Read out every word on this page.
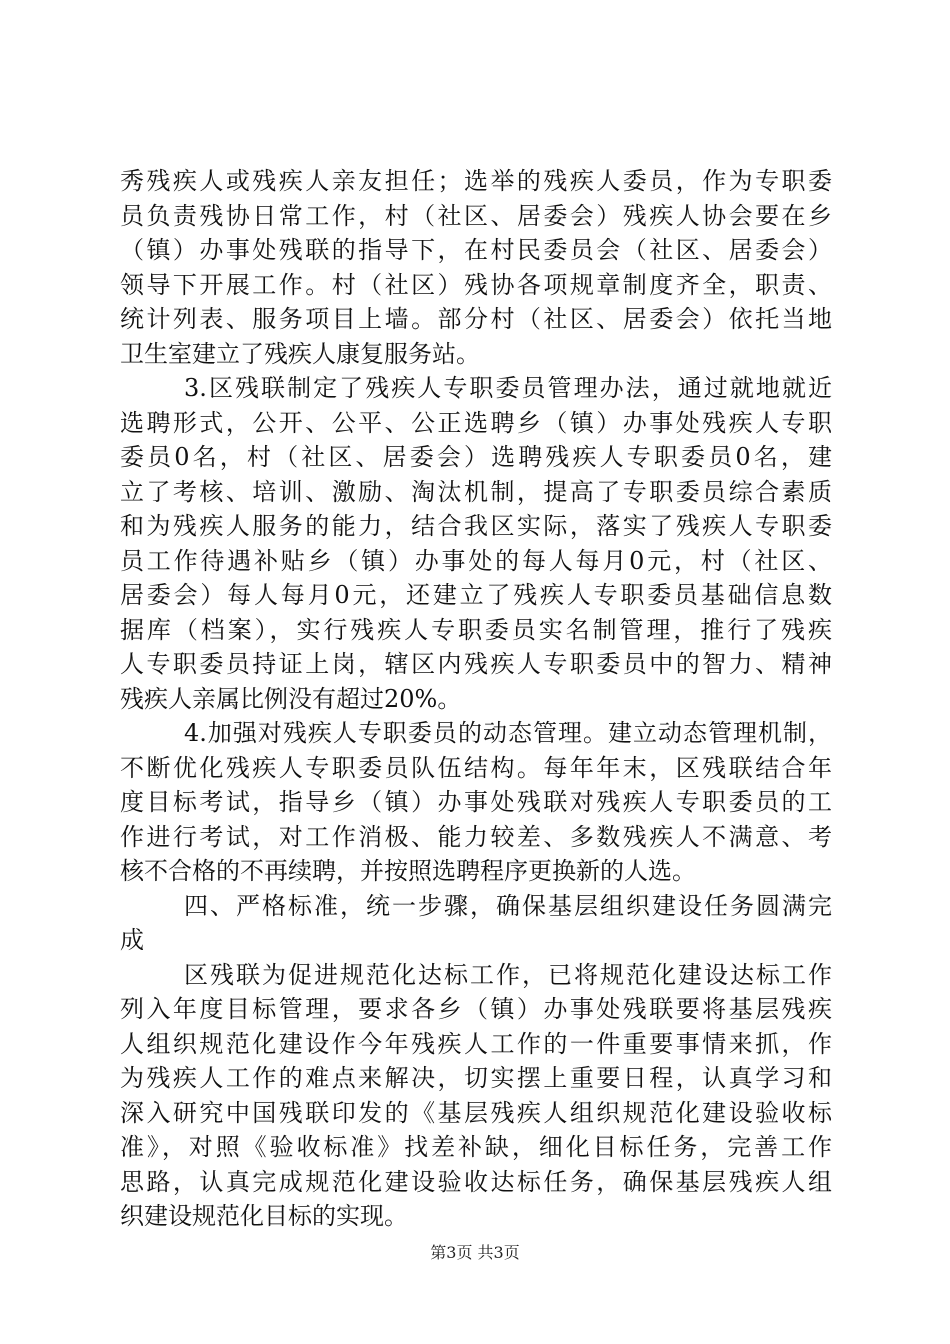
秀残疾人或残疾人亲友担任；选举的残疾人委员，作为专职委
员负责残协日常工作，村（社区、居委会）残疾人协会要在乡
（镇）办事处残联的指导下，在村民委员会（社区、居委会）
领导下开展工作。村（社区）残协各项规章制度齐全，职责、
统计列表、服务项目上墙。部分村（社区、居委会）依托当地
卫生室建立了残疾人康复服务站。
3.区残联制定了残疾人专职委员管理办法，通过就地就近
选聘形式，公开、公平、公正选聘乡（镇）办事处残疾人专职
委员0名，村（社区、居委会）选聘残疾人专职委员0名，建
立了考核、培训、激励、淘汰机制，提高了专职委员综合素质
和为残疾人服务的能力，结合我区实际，落实了残疾人专职委
员工作待遇补贴乡（镇）办事处的每人每月0元，村（社区、
居委会）每人每月0元，还建立了残疾人专职委员基础信息数
据库（档案），实行残疾人专职委员实名制管理，推行了残疾
人专职委员持证上岗，辖区内残疾人专职委员中的智力、精神
残疾人亲属比例没有超过20%。
4.加强对残疾人专职委员的动态管理。建立动态管理机制，
不断优化残疾人专职委员队伍结构。每年年末，区残联结合年
度目标考试，指导乡（镇）办事处残联对残疾人专职委员的工
作进行考试，对工作消极、能力较差、多数残疾人不满意、考
核不合格的不再续聘，并按照选聘程序更换新的人选。
四、严格标准，统一步骤，确保基层组织建设任务圆满完
成
区残联为促进规范化达标工作，已将规范化建设达标工作
列入年度目标管理，要求各乡（镇）办事处残联要将基层残疾
人组织规范化建设作今年残疾人工作的一件重要事情来抓，作
为残疾人工作的难点来解决，切实摆上重要日程，认真学习和
深入研究中国残联印发的《基层残疾人组织规范化建设验收标
准》，对照《验收标准》找差补缺，细化目标任务，完善工作
思路，认真完成规范化建设验收达标任务，确保基层残疾人组
织建设规范化目标的实现。
第3页 共3页
